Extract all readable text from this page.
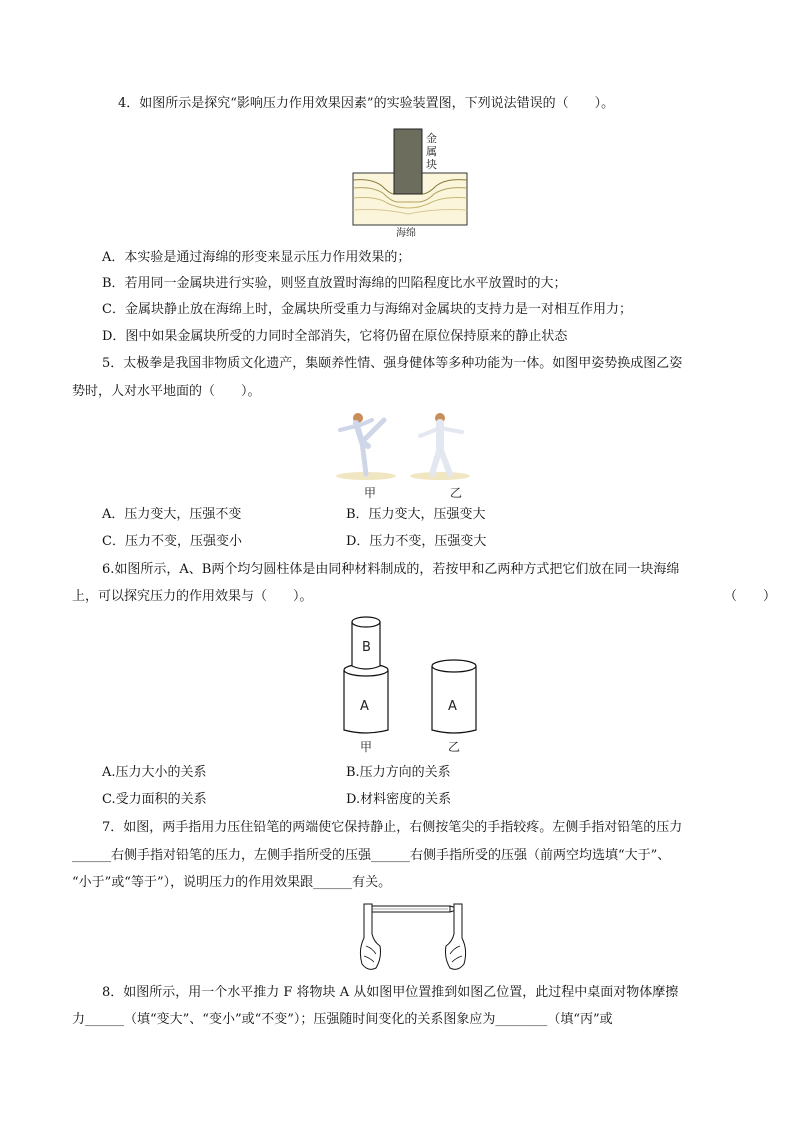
4．如图所示是探究“影响压力作用效果因素”的实验装置图，下列说法错误的（　　）。
金属块
海绵
A．本实验是通过海绵的形变来显示压力作用效果的；
B．若用同一金属块进行实验，则竖直放置时海绵的凹陷程度比水平放置时的大；
C．金属块静止放在海绵上时，金属块所受重力与海绵对金属块的支持力是一对相互作用力；
D．图中如果金属块所受的力同时全部消失，它将仍留在原位保持原来的静止状态
5．太极拳是我国非物质文化遗产，集颐养性情、强身健体等多种功能为一体。如图甲姿势换成图乙姿
势时，人对水平地面的（　　）。
甲	乙
A．压力变大，压强不变	B．压力变大，压强变大
C．压力不变，压强变小	D．压力不变，压强变大
6.如图所示，A、B两个均匀圆柱体是由同种材料制成的，若按甲和乙两种方式把它们放在同一块海绵
上，可以探究压力的作用效果与（　　）。	（　　）
B
A	A
甲	乙
A.压力大小的关系	B.压力方向的关系
C.受力面积的关系	D.材料密度的关系
7．如图，两手指用力压住铅笔的两端使它保持静止，右侧按笔尖的手指较疼。左侧手指对铅笔的压力
______右侧手指对铅笔的压力，左侧手指所受的压强______右侧手指所受的压强（前两空均选填“大于”、
“小于”或“等于”），说明压力的作用效果跟______有关。
8．如图所示，用一个水平推力 F 将物块 A 从如图甲位置推到如图乙位置，此过程中桌面对物体摩擦
力______（填“变大”、“变小”或“不变”）；压强随时间变化的关系图象应为________（填“丙”或
